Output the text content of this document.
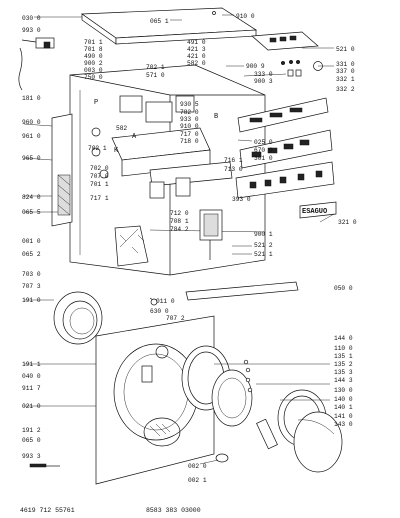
ESAGUO
030 0	065 1
910 0
993 0
701 1	491 0
701 8	421 3
490 0	421 0
521 0
900 2	582 0	900 9	331 0
003 0	702 1
333 0	337 0
750 0	571 0
900 3	332 1
332 2
181 0
930 5
782 0
960 0	933 0
910 0
582
961 0	717 0
718 0
702 1
025 0
670 0
965 0	716 1 301 0
702 0	713 0
707 0
701 1
393 0
824 0	717 1
065 5	712 0
708 1	321 0
784 2
900 1
001 0
521 2
065 2	521 1
703 0
707 3	050 0
191 0	011 0
630 0
707 2
144 0
110 0
135 1
191 1	135 2
040 0
135 3
144 3
911 7	130 0
140 0
021 0	140 1
141 0
143 0
191 2
065 0
993 3
002 0
002 1
P
B
A
K
4619 712 55761	8583 383 03000
